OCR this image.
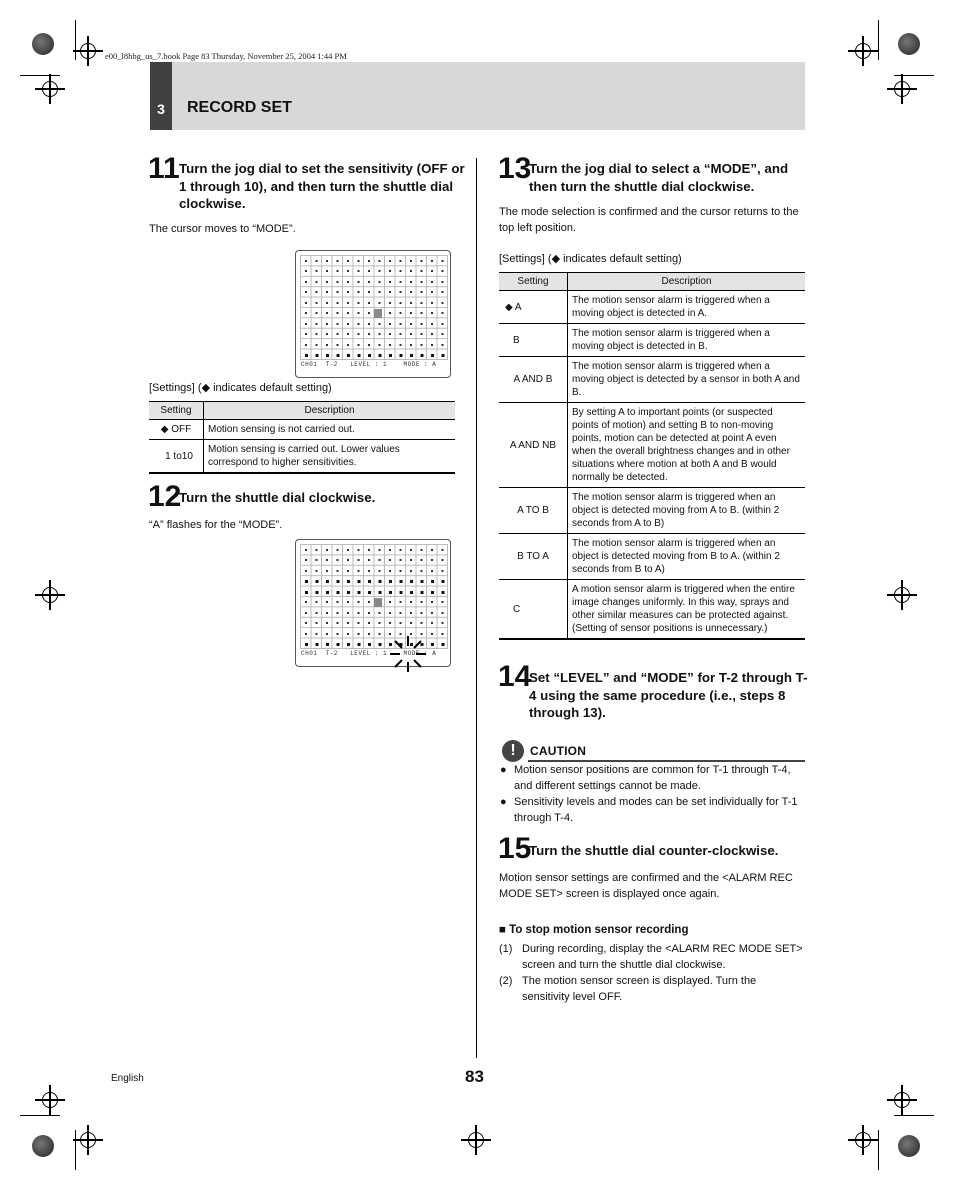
e00_l8hbg_us_7.book Page 83 Thursday, November 25, 2004 1:44 PM
3	RECORD SET
11 Turn the jog dial to set the sensitivity (OFF or 1 through 10), and then turn the shuttle dial clockwise.
The cursor moves to “MODE”.
CH01  T-2   LEVEL : 1    MODE : A
[Settings] (◆ indicates default setting)
Setting	Description
◆ OFF	Motion sensing is not carried out.
1 to10	Motion sensing is carried out. Lower values correspond to higher sensitivities.
12
Turn the shuttle dial clockwise.
“A” flashes for the “MODE”.
CH01  T-2   LEVEL : 1    MODE : A
13
Turn the jog dial to select a “MODE”, and then turn the shuttle dial clockwise.
The mode selection is confirmed and the cursor returns to the top left position.
[Settings] (◆ indicates default setting)
Setting	Description
◆ A	The motion sensor alarm is triggered when a moving object is detected in A.
B	The motion sensor alarm is triggered when a moving object is detected in B.
A AND B	The motion sensor alarm is triggered when a moving object is detected by a sensor in both A and B.
A AND NB	By setting A to important points (or suspected points of motion) and setting B to non-moving points, motion can be detected at point A even when the overall brightness changes and in other situations where motion at both A and B would normally be detected.
A TO B	The motion sensor alarm is triggered when an object is detected moving from A to B. (within 2 seconds from A to B)
B TO A	The motion sensor alarm is triggered when an object is detected moving from B to A. (within 2 seconds from B to A)
C	A motion sensor alarm is triggered when the entire image changes uniformly. In this way, sprays and other similar measures can be protected against. (Setting of sensor positions is unnecessary.)
14
Set “LEVEL” and “MODE” for T-2 through T-4 using the same procedure (i.e., steps 8 through 13).
!	CAUTION
● Motion sensor positions are common for T-1 through T-4, and different settings cannot be made.
● Sensitivity levels and modes can be set individually for T-1 through T-4.
15
Turn the shuttle dial counter-clockwise.
Motion sensor settings are confirmed and the <ALARM REC MODE SET> screen is displayed once again.
■ To stop motion sensor recording
(1) During recording, display the <ALARM REC MODE SET> screen and turn the shuttle dial clockwise.
(2) The motion sensor screen is displayed. Turn the sensitivity level OFF.
English	83
